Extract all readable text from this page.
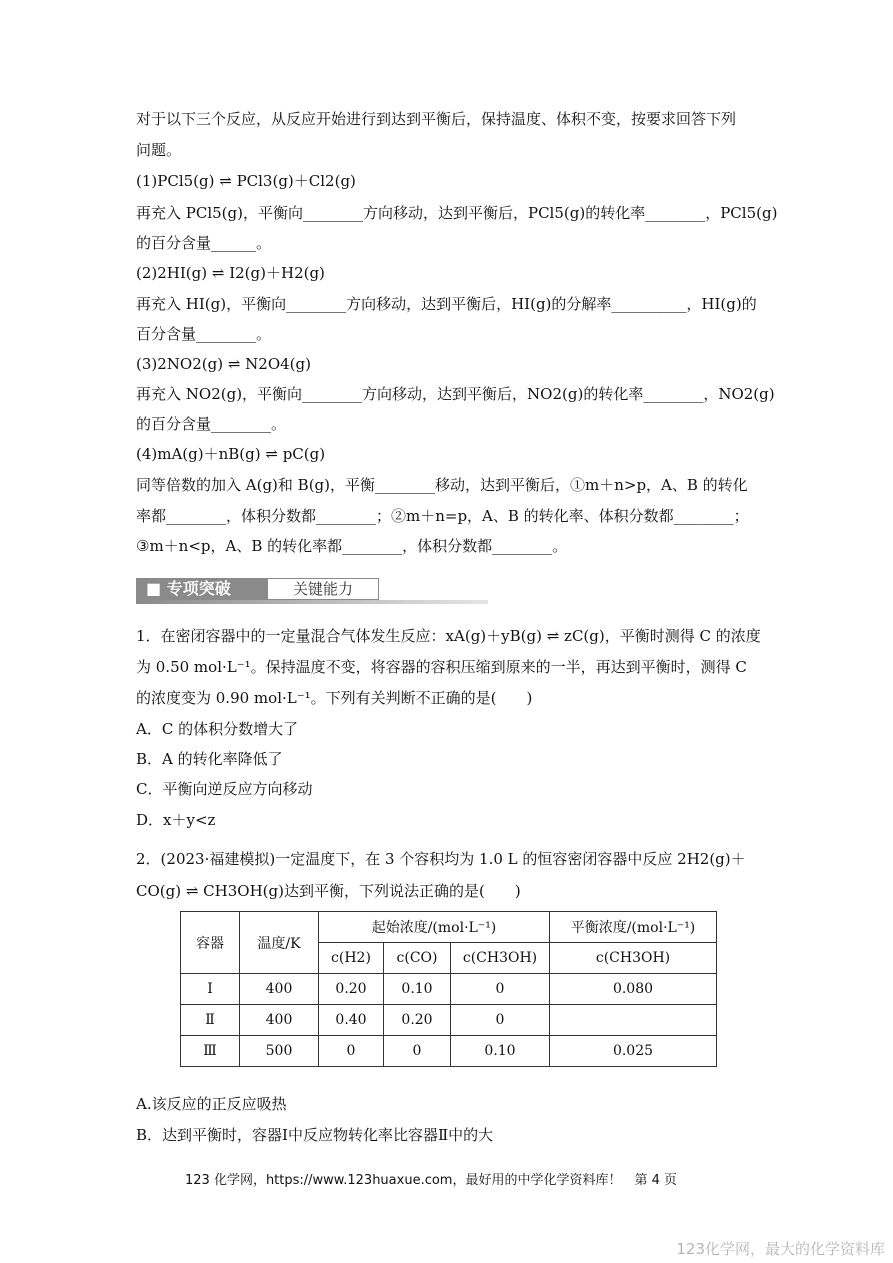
对于以下三个反应，从反应开始进行到达到平衡后，保持温度、体积不变，按要求回答下列
问题。
(1)PCl5(g) ⇌ PCl3(g)＋Cl2(g)
再充入 PCl5(g)，平衡向________方向移动，达到平衡后，PCl5(g)的转化率________，PCl5(g)
的百分含量______。
(2)2HI(g) ⇌ I2(g)＋H2(g)
再充入 HI(g)，平衡向________方向移动，达到平衡后，HI(g)的分解率__________，HI(g)的
百分含量________。
(3)2NO2(g) ⇌ N2O4(g)
再充入 NO2(g)，平衡向________方向移动，达到平衡后，NO2(g)的转化率________，NO2(g)
的百分含量________。
(4)mA(g)＋nB(g) ⇌ pC(g)
同等倍数的加入 A(g)和 B(g)，平衡________移动，达到平衡后，①m＋n>p，A、B 的转化
率都________，体积分数都________；②m＋n=p，A、B 的转化率、体积分数都________；
③m＋n<p，A、B 的转化率都________，体积分数都________。
■ 专项突破	关键能力
1．在密闭容器中的一定量混合气体发生反应：xA(g)＋yB(g) ⇌ zC(g)，平衡时测得 C 的浓度
为 0.50 mol·L⁻¹。保持温度不变，将容器的容积压缩到原来的一半，再达到平衡时，测得 C
的浓度变为 0.90 mol·L⁻¹。下列有关判断不正确的是(　　)
A．C 的体积分数增大了
B．A 的转化率降低了
C．平衡向逆反应方向移动
D．x＋y<z
2．(2023·福建模拟)一定温度下，在 3 个容积均为 1.0 L 的恒容密闭容器中反应 2H2(g)＋
CO(g) ⇌ CH3OH(g)达到平衡，下列说法正确的是(　　)
容器	温度/K	起始浓度/(mol·L⁻¹)			平衡浓度/(mol·L⁻¹)
		c(H2)	c(CO)	c(CH3OH)	c(CH3OH)
Ⅰ	400	0.20	0.10	0	0.080
Ⅱ	400	0.40	0.20	0	
Ⅲ	500	0	0	0.10	0.025
A.该反应的正反应吸热
B．达到平衡时，容器Ⅰ中反应物转化率比容器Ⅱ中的大
123 化学网，https://www.123huaxue.com，最好用的中学化学资料库！　第 4 页
123化学网，最大的化学资料库
